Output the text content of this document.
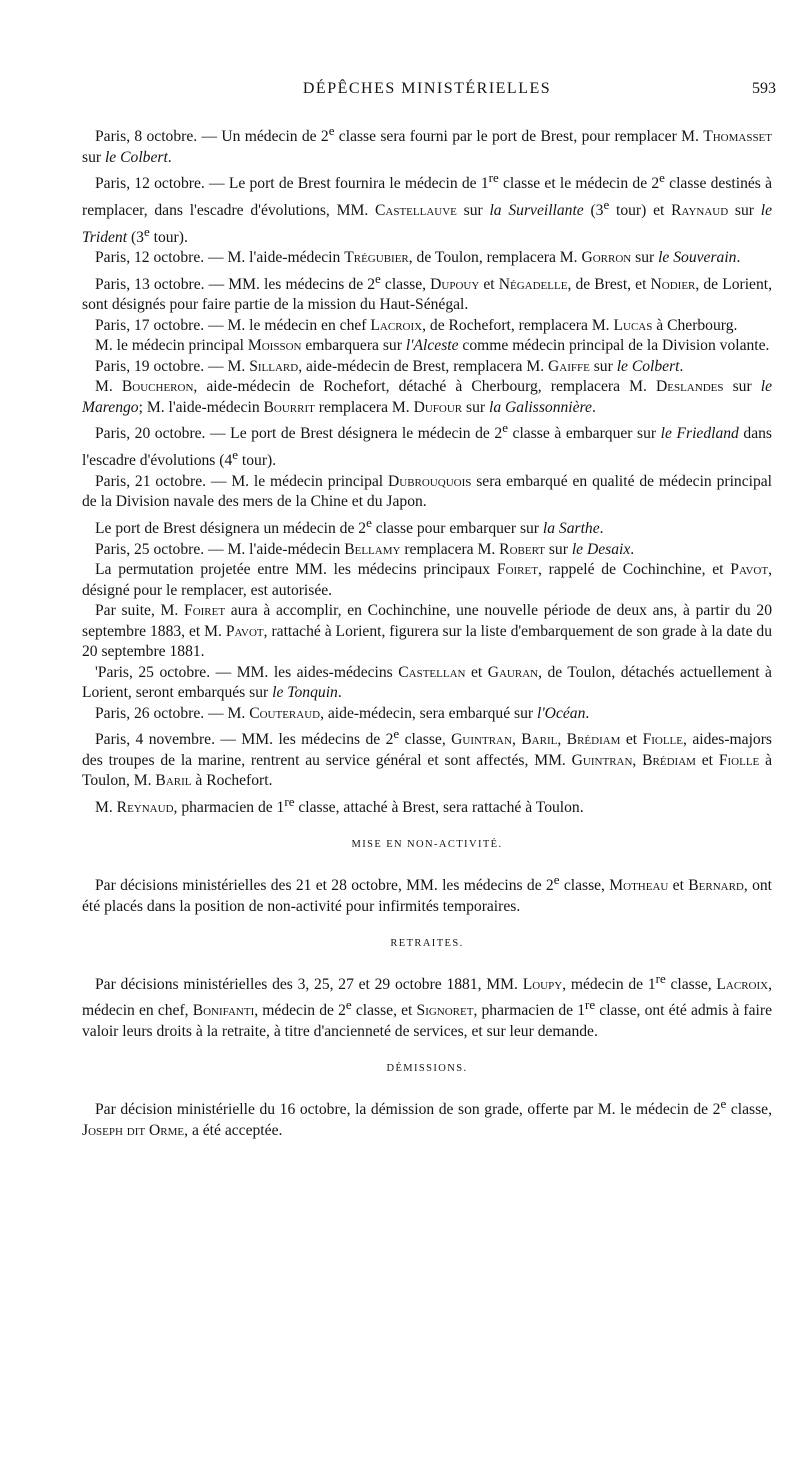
DÉPÊCHES MINISTÉRIELLES	593

Paris, 8 octobre. — Un médecin de 2e classe sera fourni par le port de Brest, pour remplacer M. Thomasset sur le Colbert.

Paris, 12 octobre. — Le port de Brest fournira le médecin de 1re classe et le médecin de 2e classe destinés à remplacer, dans l'escadre d'évolutions, MM. Castellauve sur la Surveillante (3e tour) et Raynaud sur le Trident (3e tour).

Paris, 12 octobre. — M. l'aide-médecin Trégubier, de Toulon, remplacera M. Gorron sur le Souverain.

Paris, 13 octobre. — MM. les médecins de 2e classe, Dupouy et Négadelle, de Brest, et Nodier, de Lorient, sont désignés pour faire partie de la mission du Haut-Sénégal.

Paris, 17 octobre. — M. le médecin en chef Lacroix, de Rochefort, remplacera M. Lucas à Cherbourg.

M. le médecin principal Moisson embarquera sur l'Alceste comme médecin principal de la Division volante.

Paris, 19 octobre. — M. Sillard, aide-médecin de Brest, remplacera M. Gaiffe sur le Colbert.

M. Boucheron, aide-médecin de Rochefort, détaché à Cherbourg, remplacera M. Deslandes sur le Marengo; M. l'aide-médecin Bourrit remplacera M. Dufour sur la Galissonnière.

Paris, 20 octobre. — Le port de Brest désignera le médecin de 2e classe à embarquer sur le Friedland dans l'escadre d'évolutions (4e tour).

Paris, 21 octobre. — M. le médecin principal Dubrouquois sera embarqué en qualité de médecin principal de la Division navale des mers de la Chine et du Japon.

Le port de Brest désignera un médecin de 2e classe pour embarquer sur la Sarthe.

Paris, 25 octobre. — M. l'aide-médecin Bellamy remplacera M. Robert sur le Desaix.

La permutation projetée entre MM. les médecins principaux Foiret, rappelé de Cochinchine, et Pavot, désigné pour le remplacer, est autorisée.

Par suite, M. Foiret aura à accomplir, en Cochinchine, une nouvelle période de deux ans, à partir du 20 septembre 1883, et M. Pavot, rattaché à Lorient, figurera sur la liste d'embarquement de son grade à la date du 20 septembre 1881.

'Paris, 25 octobre. — MM. les aides-médecins Castellan et Gauran, de Toulon, détachés actuellement à Lorient, seront embarqués sur le Tonquin.

Paris, 26 octobre. — M. Couteraud, aide-médecin, sera embarqué sur l'Océan.

Paris, 4 novembre. — MM. les médecins de 2e classe, Guintran, Baril, Brédiam et Fiolle, aides-majors des troupes de la marine, rentrent au service général et sont affectés, MM. Guintran, Brédiam et Fiolle à Toulon, M. Baril à Rochefort.

M. Reynaud, pharmacien de 1re classe, attaché à Brest, sera rattaché à Toulon.

MISE EN NON-ACTIVITÉ.

Par décisions ministérielles des 21 et 28 octobre, MM. les médecins de 2e classe, Motheau et Bernard, ont été placés dans la position de non-activité pour infirmités temporaires.

RETRAITES.

Par décisions ministérielles des 3, 25, 27 et 29 octobre 1881, MM. Loupy, médecin de 1re classe, Lacroix, médecin en chef, Bonifanti, médecin de 2e classe, et Signoret, pharmacien de 1re classe, ont été admis à faire valoir leurs droits à la retraite, à titre d'ancienneté de services, et sur leur demande.

DÉMISSIONS.

Par décision ministérielle du 16 octobre, la démission de son grade, offerte par M. le médecin de 2e classe, Joseph dit Orme, a été acceptée.
